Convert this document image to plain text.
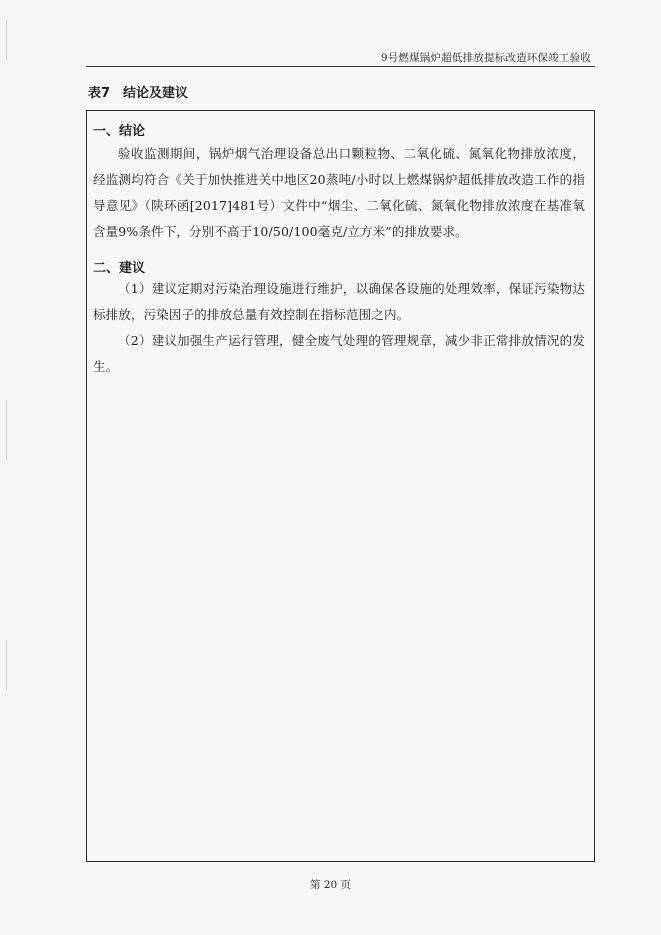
9号燃煤锅炉超低排放提标改造环保竣工验收
表7　结论及建议
一、结论
验收监测期间，锅炉烟气治理设备总出口颗粒物、二氧化硫、氮氧化物排放浓度，经监测均符合《关于加快推进关中地区20蒸吨/小时以上燃煤锅炉超低排放改造工作的指导意见》（陕环函[2017]481号）文件中“烟尘、二氧化硫、氮氧化物排放浓度在基准氧含量9%条件下，分别不高于10/50/100毫克/立方米”的排放要求。
二、建议
（1）建议定期对污染治理设施进行维护，以确保各设施的处理效率，保证污染物达标排放，污染因子的排放总量有效控制在指标范围之内。
（2）建议加强生产运行管理，健全废气处理的管理规章，减少非正常排放情况的发生。
第 20 页
